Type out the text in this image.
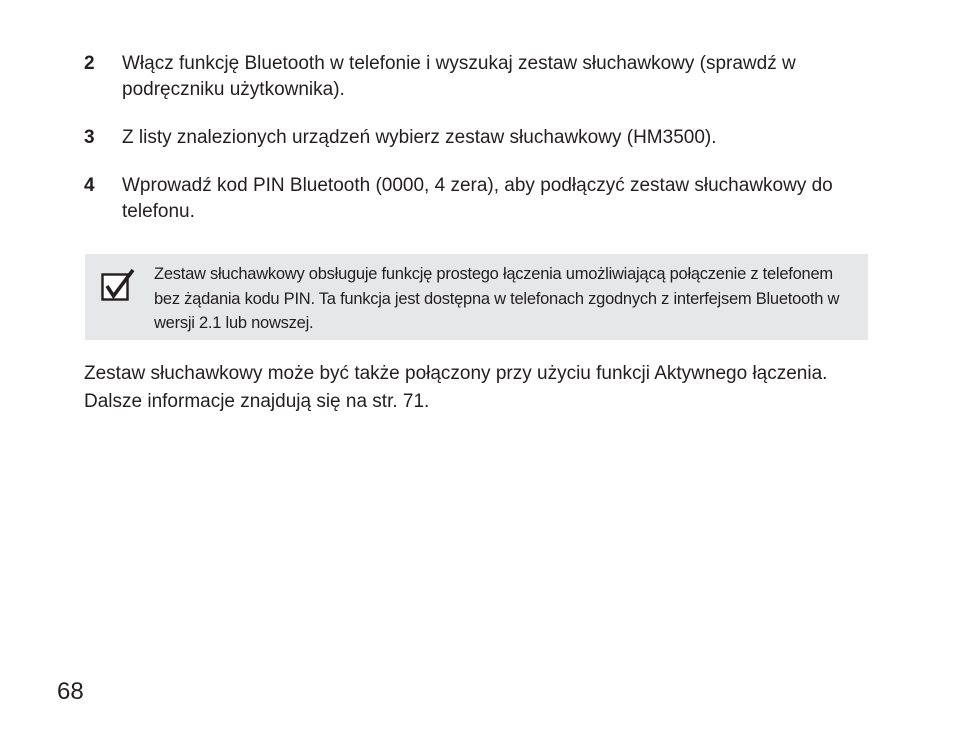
2	Włącz funkcję Bluetooth w telefonie i wyszukaj zestaw słuchawkowy (sprawdź w podręczniku użytkownika).
3	Z listy znalezionych urządzeń wybierz zestaw słuchawkowy (HM3500).
4	Wprowadź kod PIN Bluetooth (0000, 4 zera), aby podłączyć zestaw słuchawkowy do telefonu.
Zestaw słuchawkowy obsługuje funkcję prostego łączenia umożliwiającą połączenie z telefonem bez żądania kodu PIN. Ta funkcja jest dostępna w telefonach zgodnych z interfejsem Bluetooth w wersji 2.1 lub nowszej.
Zestaw słuchawkowy może być także połączony przy użyciu funkcji Aktywnego łączenia. Dalsze informacje znajdują się na str. 71.
68
